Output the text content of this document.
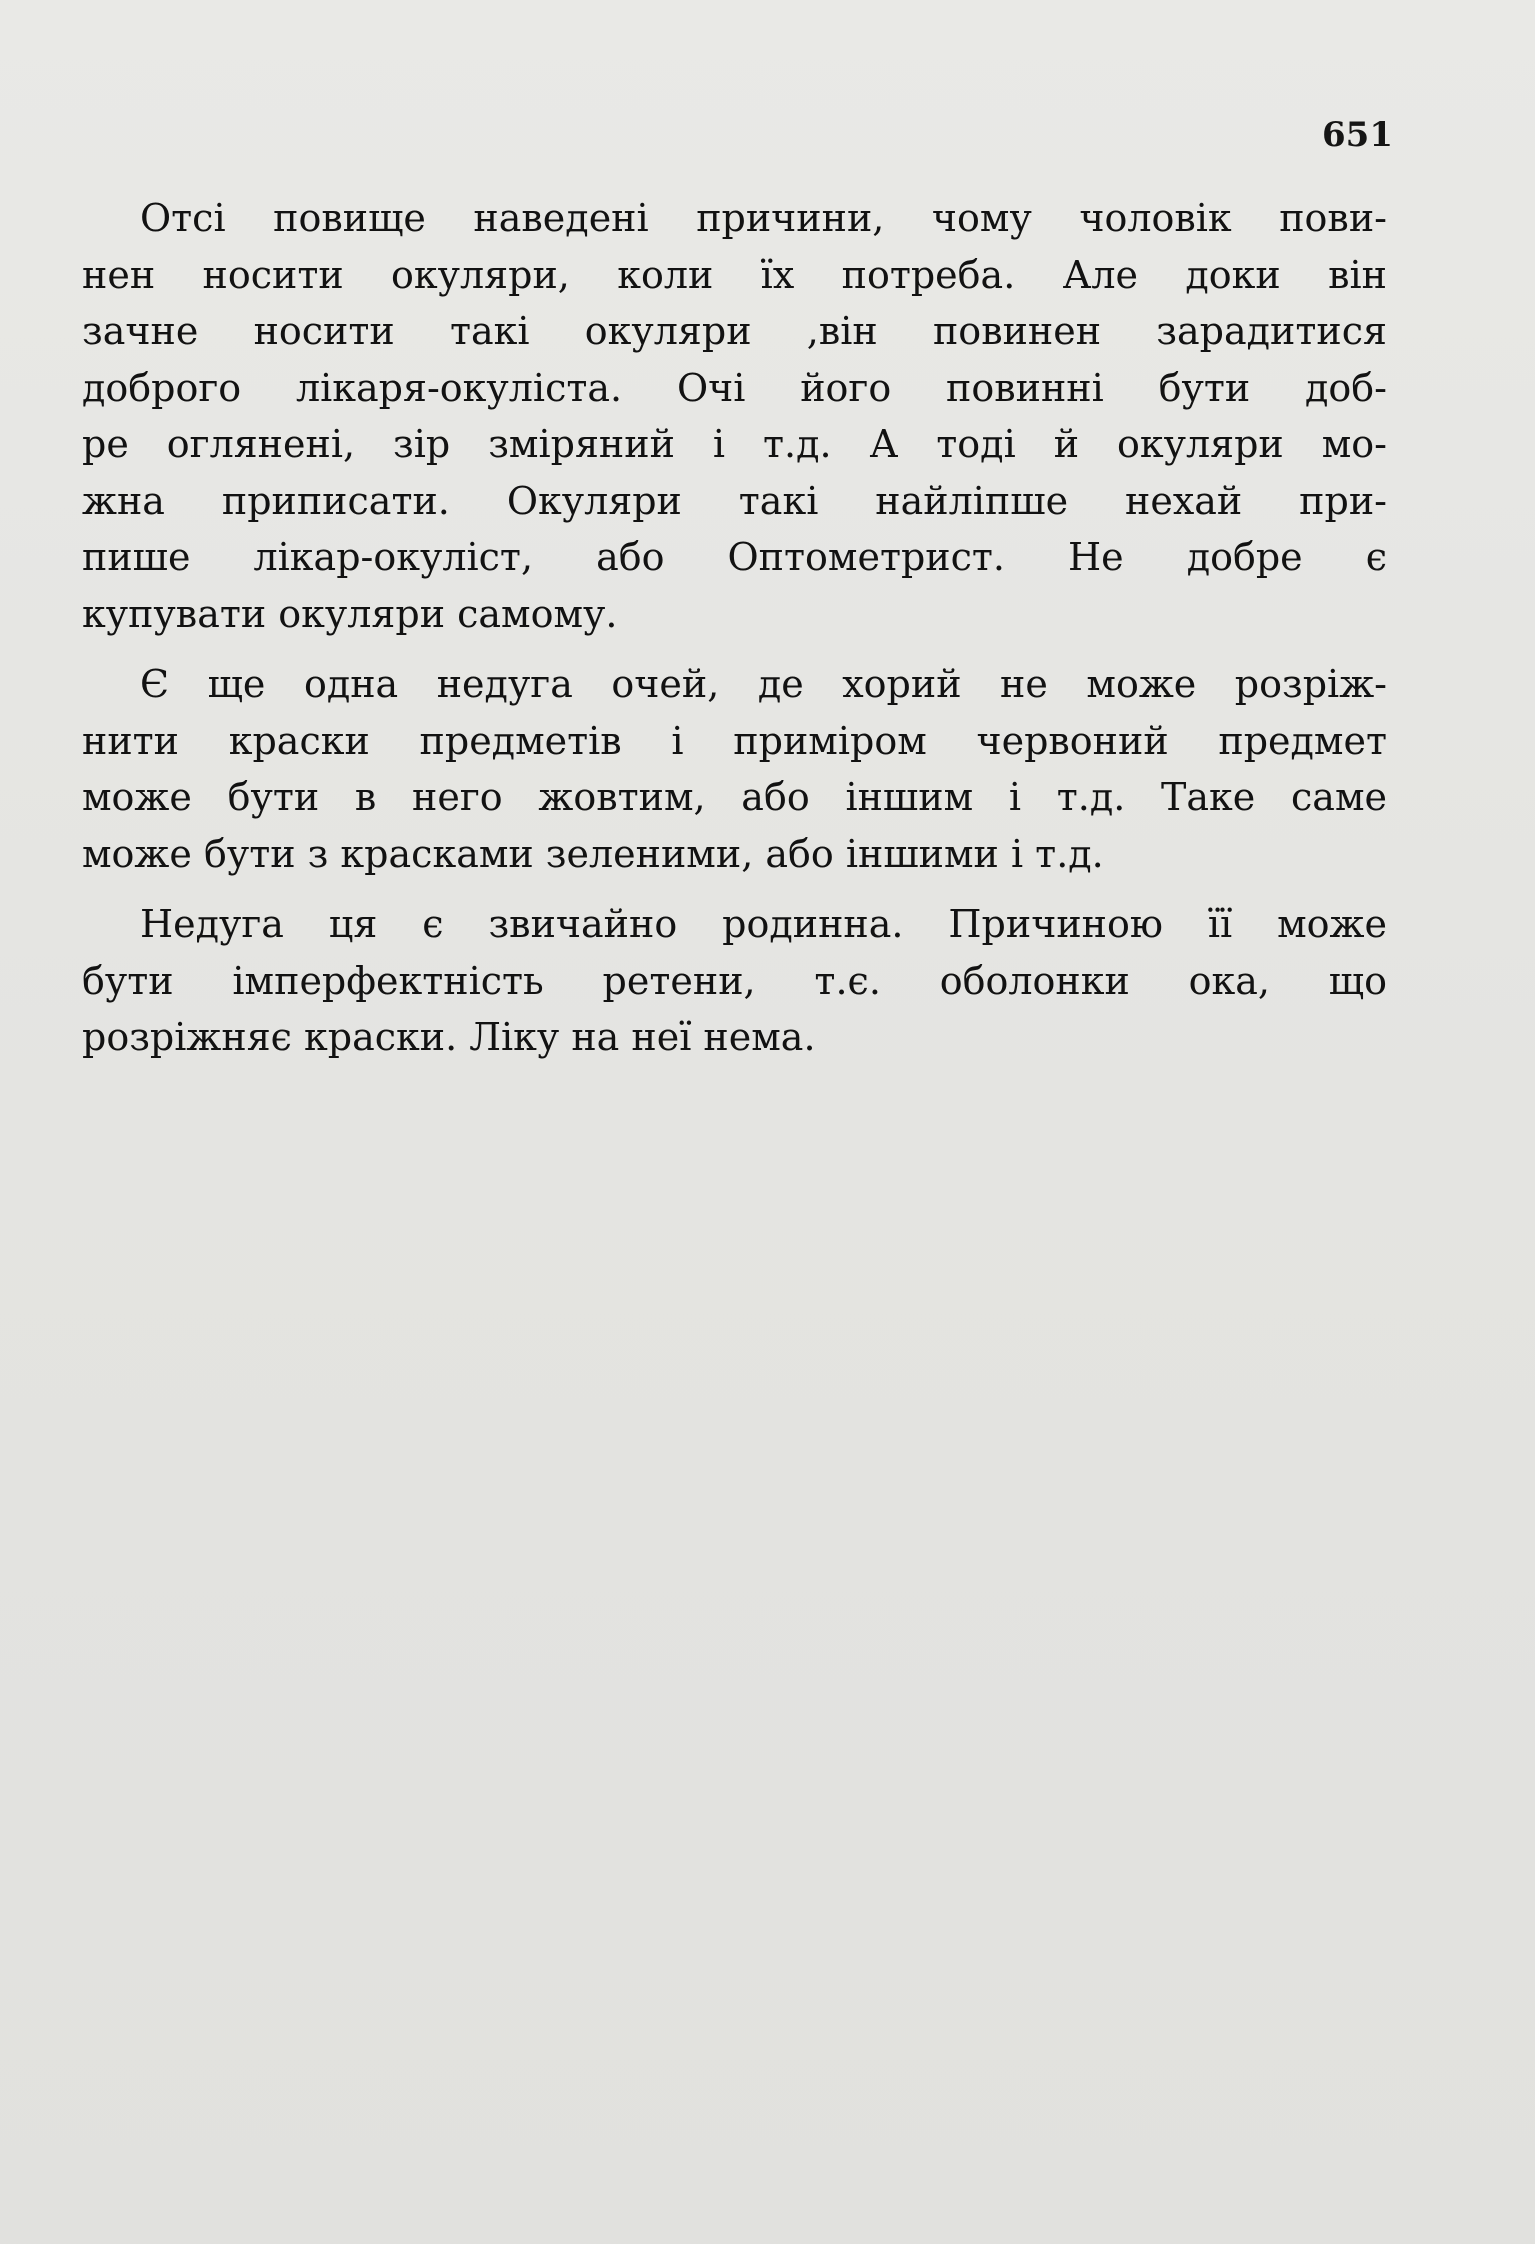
651
Отсі повище наведені причини, чому чоловік пови-
нен носити окуляри, коли їх потреба. Але доки він
зачне носити такі окуляри ,він повинен зарадитися
доброго лікаря-окуліста. Очі його повинні бути доб-
ре оглянені, зір зміряний і т.д. А тоді й окуляри мо-
жна приписати. Окуляри такі найліпше нехай при-
пише лікар-окуліст, або Оптометрист. Не добре є
купувати окуляри самому.
Є ще одна недуга очей, де хорий не може розріж-
нити краски предметів і приміром червоний предмет
може бути в него жовтим, або іншим і т.д. Таке саме
може бути з красками зеленими, або іншими і т.д.
Недуга ця є звичайно родинна. Причиною її може
бути імперфектність ретени, т.є. оболонки ока, що
розріжняє краски. Ліку на неї нема.
